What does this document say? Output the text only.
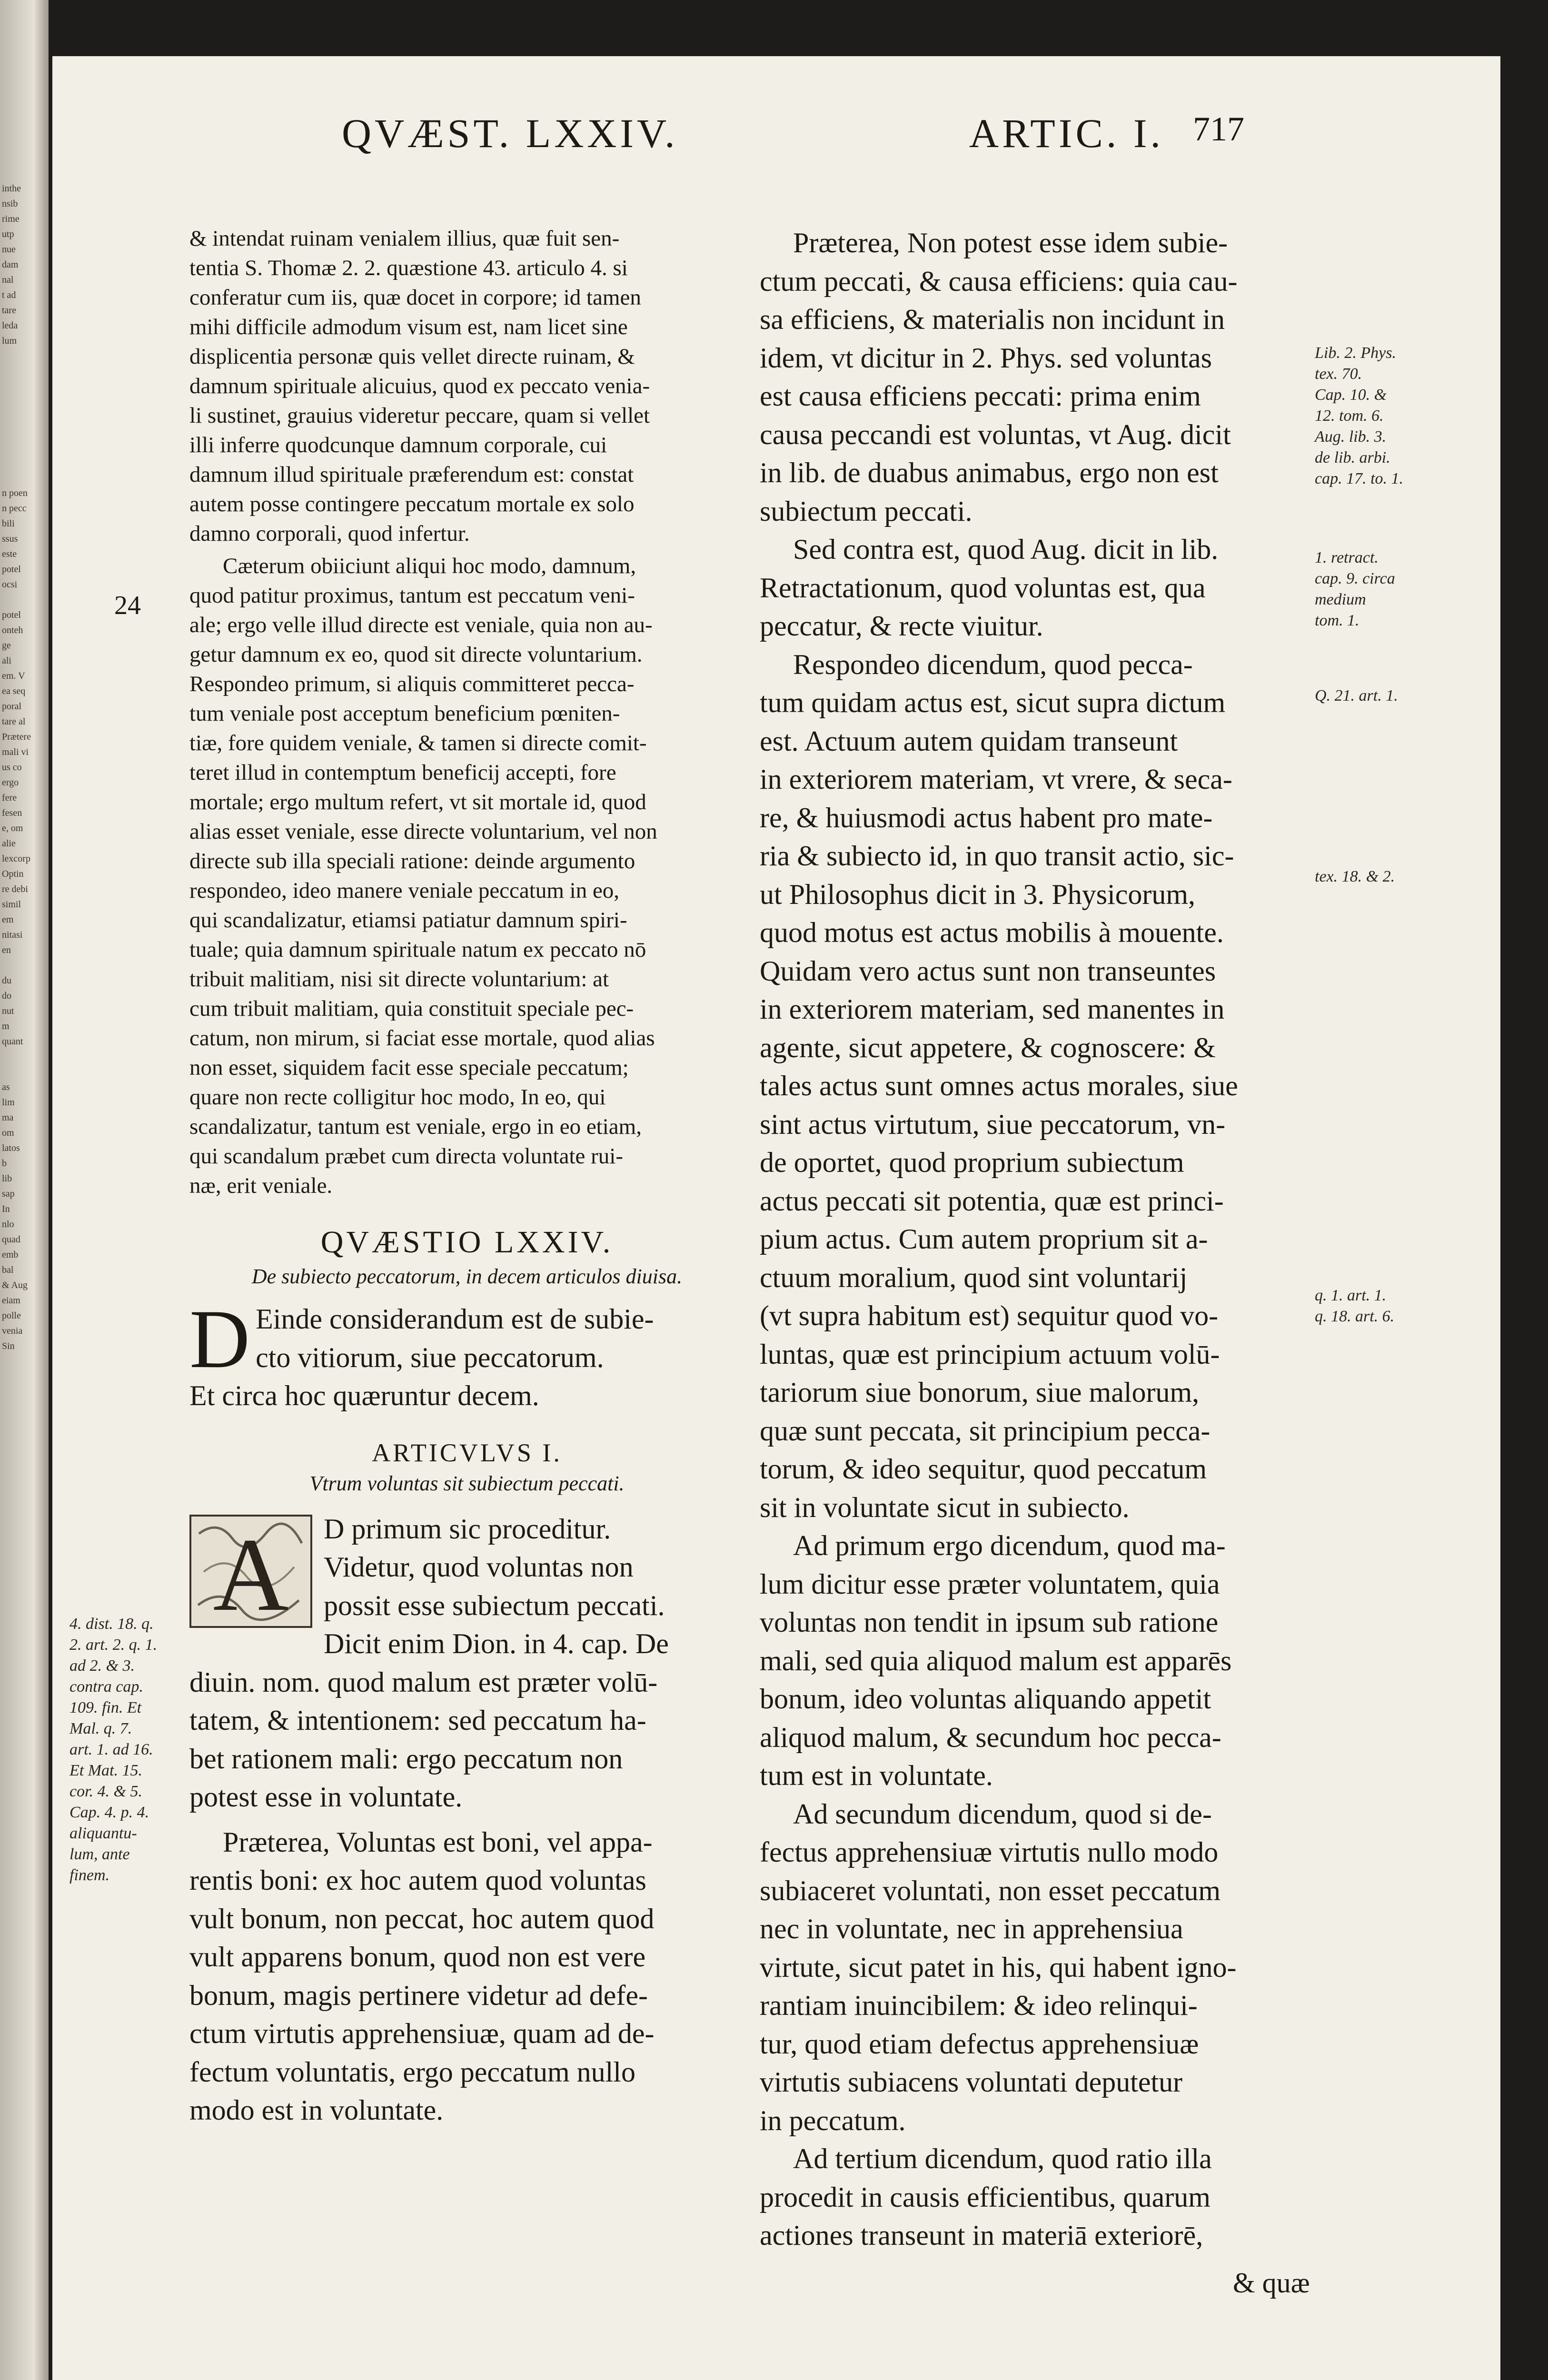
inthe
nsib
rime
utp
nue
dam
nal
t ad
tare
leda
lum

n poen
n pecc
bili
ssus
este
potel
ocsi

potel
onteh
ge
ali
em. V
ea seq
poral
tare al
Prætere
mali vi
us co
ergo
fere
fesen
e, om
alie
lexcorp
Optin
re debi
simil
em
nitasi
en

du
do
nut
m
quant

as
lim
ma
om
latos
b
lib
sap
In
nlo
quad
emb
bal
& Aug
eiam
polle
venia
Sin
QVÆST. LXXIV.	ARTIC. I. 717
24
& intendat ruinam venialem illius, quæ fuit sen-
tentia S. Thomæ 2. 2. quæstione 43. articulo 4. si
conferatur cum iis, quæ docet in corpore; id tamen
mihi difficile admodum visum est, nam licet sine
displicentia personæ quis vellet directe ruinam, &
damnum spirituale alicuius, quod ex peccato venia-
li sustinet, grauius videretur peccare, quam si vellet
illi inferre quodcunque damnum corporale, cui
damnum illud spirituale præferendum est: constat
autem posse contingere peccatum mortale ex solo
damno corporali, quod infertur.
Cæterum obiiciunt aliqui hoc modo, damnum,
quod patitur proximus, tantum est peccatum veni-
ale; ergo velle illud directe est veniale, quia non au-
getur damnum ex eo, quod sit directe voluntarium.
Respondeo primum, si aliquis committeret pecca-
tum veniale post acceptum beneficium pœniten-
tiæ, fore quidem veniale, & tamen si directe comit-
teret illud in contemptum beneficij accepti, fore
mortale; ergo multum refert, vt sit mortale id, quod
alias esset veniale, esse directe voluntarium, vel non
directe sub illa speciali ratione: deinde argumento
respondeo, ideo manere veniale peccatum in eo,
qui scandalizatur, etiamsi patiatur damnum spiri-
tuale; quia damnum spirituale natum ex peccato nō
tribuit malitiam, nisi sit directe voluntarium: at
cum tribuit malitiam, quia constituit speciale pec-
catum, non mirum, si faciat esse mortale, quod alias
non esset, siquidem facit esse speciale peccatum;
quare non recte colligitur hoc modo, In eo, qui
scandalizatur, tantum est veniale, ergo in eo etiam,
qui scandalum præbet cum directa voluntate rui-
næ, erit veniale.
QVÆSTIO LXXIV.
De subiecto peccatorum, in decem articulos diuisa.
D Einde considerandum est de subie-
cto vitiorum, siue peccatorum.
Et circa hoc quæruntur decem.
ARTICVLVS I.
Vtrum voluntas sit subiectum peccati.
A D primum sic proceditur.
Videtur, quod voluntas non
possit esse subiectum peccati.
Dicit enim Dion. in 4. cap. De
diuin. nom. quod malum est præter volū-
tatem, & intentionem: sed peccatum ha-
bet rationem mali: ergo peccatum non
potest esse in voluntate.
Præterea, Voluntas est boni, vel appa-
rentis boni: ex hoc autem quod voluntas
vult bonum, non peccat, hoc autem quod
vult apparens bonum, quod non est vere
bonum, magis pertinere videtur ad defe-
ctum virtutis apprehensiuæ, quam ad de-
fectum voluntatis, ergo peccatum nullo
modo est in voluntate.
Præterea, Non potest esse idem subie-
ctum peccati, & causa efficiens: quia cau-
sa efficiens, & materialis non incidunt in
idem, vt dicitur in 2. Phys. sed voluntas
est causa efficiens peccati: prima enim
causa peccandi est voluntas, vt Aug. dicit
in lib. de duabus animabus, ergo non est
subiectum peccati.
Sed contra est, quod Aug. dicit in lib.
Retractationum, quod voluntas est, qua
peccatur, & recte viuitur.
Respondeo dicendum, quod pecca-
tum quidam actus est, sicut supra dictum
est. Actuum autem quidam transeunt
in exteriorem materiam, vt vrere, & seca-
re, & huiusmodi actus habent pro mate-
ria & subiecto id, in quo transit actio, sic-
ut Philosophus dicit in 3. Physicorum,
quod motus est actus mobilis à mouente.
Quidam vero actus sunt non transeuntes
in exteriorem materiam, sed manentes in
agente, sicut appetere, & cognoscere: &
tales actus sunt omnes actus morales, siue
sint actus virtutum, siue peccatorum, vn-
de oportet, quod proprium subiectum
actus peccati sit potentia, quæ est princi-
pium actus. Cum autem proprium sit a-
ctuum moralium, quod sint voluntarij
(vt supra habitum est) sequitur quod vo-
luntas, quæ est principium actuum volū-
tariorum siue bonorum, siue malorum,
quæ sunt peccata, sit principium pecca-
torum, & ideo sequitur, quod peccatum
sit in voluntate sicut in subiecto.
Ad primum ergo dicendum, quod ma-
lum dicitur esse præter voluntatem, quia
voluntas non tendit in ipsum sub ratione
mali, sed quia aliquod malum est apparēs
bonum, ideo voluntas aliquando appetit
aliquod malum, & secundum hoc pecca-
tum est in voluntate.
Ad secundum dicendum, quod si de-
fectus apprehensiuæ virtutis nullo modo
subiaceret voluntati, non esset peccatum
nec in voluntate, nec in apprehensiua
virtute, sicut patet in his, qui habent igno-
rantiam inuincibilem: & ideo relinqui-
tur, quod etiam defectus apprehensiuæ
virtutis subiacens voluntati deputetur
in peccatum.
Ad tertium dicendum, quod ratio illa
procedit in causis efficientibus, quarum
actiones transeunt in materiā exteriorē,
& quæ
Lib. 2. Phys.
tex. 70.
Cap. 10. &
12. tom. 6.
Aug. lib. 3.
de lib. arbi.
cap. 17. to. 1.
1. retract.
cap. 9. circa
medium
tom. 1.
Q. 21. art. 1.
tex. 18. & 2.
q. 1. art. 1.
q. 18. art. 6.
4. dist. 18. q.
2. art. 2. q. 1.
ad 2. & 3.
contra cap.
109. fin. Et
Mal. q. 7.
art. 1. ad 16.
Et Mat. 15.
cor. 4. & 5.
Cap. 4. p. 4.
aliquantu-
lum, ante
finem.
